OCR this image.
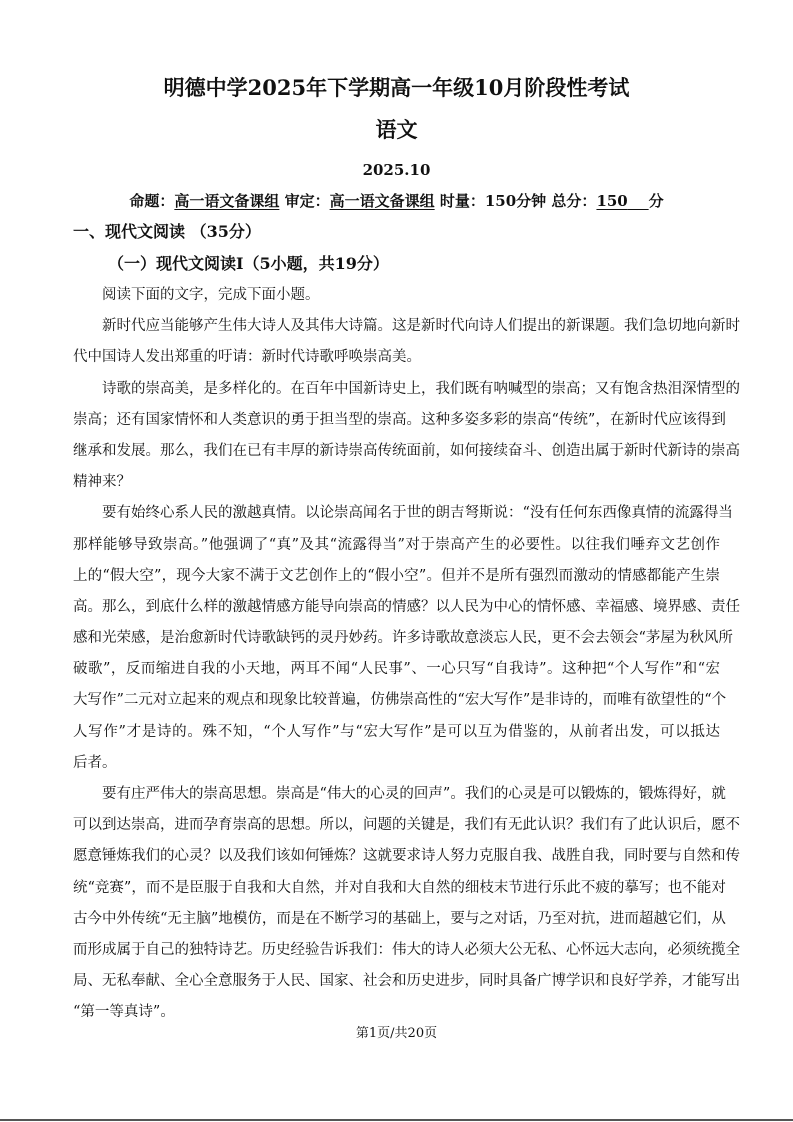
明德中学2025年下学期高一年级10月阶段性考试
语文
2025.10
命题：高一语文备课组 审定：高一语文备课组 时量：150分钟 总分：150 分
一、现代文阅读 （35分）
（一）现代文阅读Ⅰ（5小题，共19分）
阅读下面的文字，完成下面小题。
新时代应当能够产生伟大诗人及其伟大诗篇。这是新时代向诗人们提出的新课题。我们急切地向新时
代中国诗人发出郑重的吁请：新时代诗歌呼唤崇高美。
诗歌的崇高美，是多样化的。在百年中国新诗史上，我们既有呐喊型的崇高；又有饱含热泪深情型的
崇高；还有国家情怀和人类意识的勇于担当型的崇高。这种多姿多彩的崇高“传统”，在新时代应该得到
继承和发展。那么，我们在已有丰厚的新诗崇高传统面前，如何接续奋斗、创造出属于新时代新诗的崇高
精神来？
要有始终心系人民的激越真情。以论崇高闻名于世的朗吉弩斯说：“没有任何东西像真情的流露得当
那样能够导致崇高。”他强调了“真”及其“流露得当”对于崇高产生的必要性。以往我们唾弃文艺创作
上的“假大空”，现今大家不满于文艺创作上的“假小空”。但并不是所有强烈而激动的情感都能产生崇
高。那么，到底什么样的激越情感方能导向崇高的情感？以人民为中心的情怀感、幸福感、境界感、责任
感和光荣感，是治愈新时代诗歌缺钙的灵丹妙药。许多诗歌故意淡忘人民，更不会去领会“茅屋为秋风所
破歌”，反而缩进自我的小天地，两耳不闻“人民事”、一心只写“自我诗”。这种把“个人写作”和“宏
大写作”二元对立起来的观点和现象比较普遍，仿佛崇高性的“宏大写作”是非诗的，而唯有欲望性的“个
人写作”才是诗的。殊不知，“个人写作”与“宏大写作”是可以互为借鉴的，从前者出发，可以抵达
后者。
要有庄严伟大的崇高思想。崇高是“伟大的心灵的回声”。我们的心灵是可以锻炼的，锻炼得好，就
可以到达崇高，进而孕育崇高的思想。所以，问题的关键是，我们有无此认识？我们有了此认识后，愿不
愿意锤炼我们的心灵？以及我们该如何锤炼？这就要求诗人努力克服自我、战胜自我，同时要与自然和传
统“竞赛”，而不是臣服于自我和大自然，并对自我和大自然的细枝末节进行乐此不疲的摹写；也不能对
古今中外传统“无主脑”地模仿，而是在不断学习的基础上，要与之对话，乃至对抗，进而超越它们，从
而形成属于自己的独特诗艺。历史经验告诉我们：伟大的诗人必须大公无私、心怀远大志向，必须统揽全
局、无私奉献、全心全意服务于人民、国家、社会和历史进步，同时具备广博学识和良好学养，才能写出
“第一等真诗”。
第1页/共20页
